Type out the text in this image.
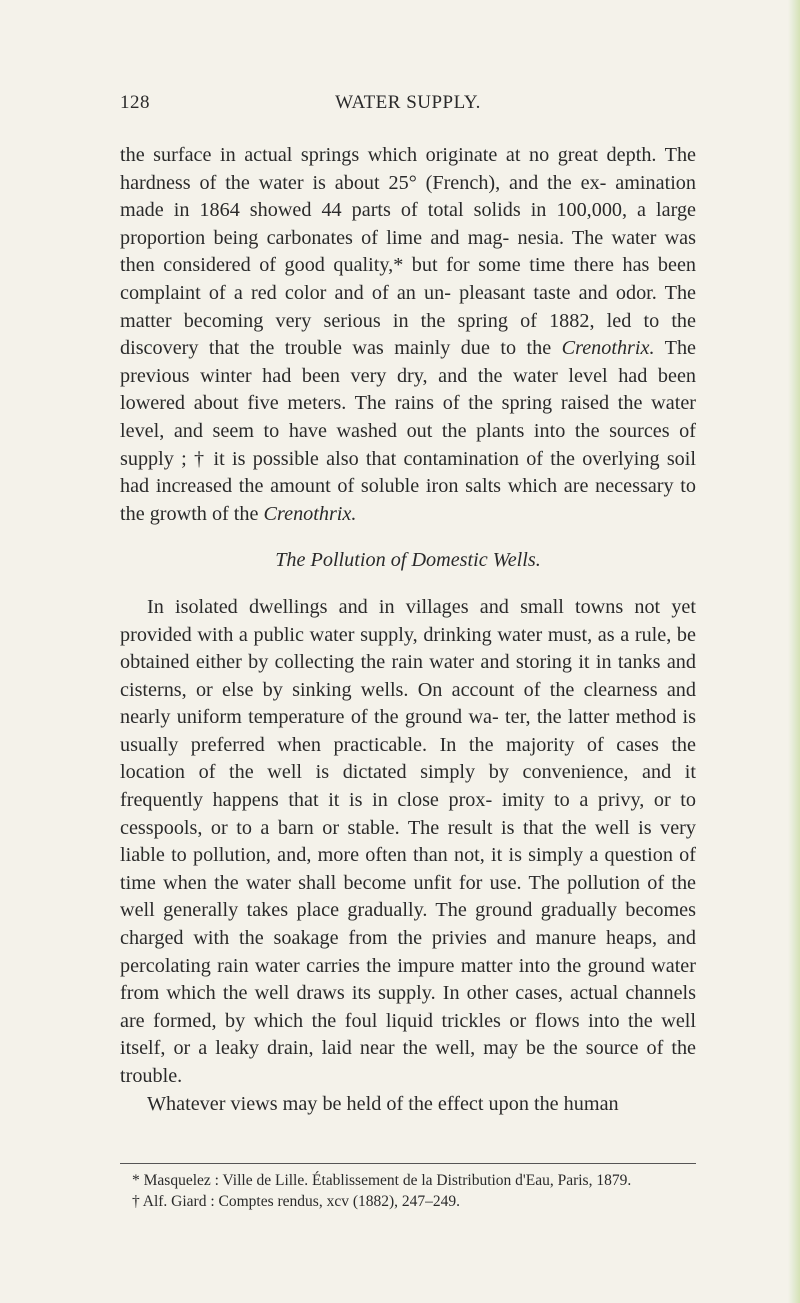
128	WATER SUPPLY.

the surface in actual springs which originate at no great depth. The hardness of the water is about 25° (French), and the ex- amination made in 1864 showed 44 parts of total solids in 100,000, a large proportion being carbonates of lime and mag- nesia. The water was then considered of good quality,* but for some time there has been complaint of a red color and of an un- pleasant taste and odor. The matter becoming very serious in the spring of 1882, led to the discovery that the trouble was mainly due to the Crenothrix. The previous winter had been very dry, and the water level had been lowered about five meters. The rains of the spring raised the water level, and seem to have washed out the plants into the sources of supply ; † it is possible also that contamination of the overlying soil had increased the amount of soluble iron salts which are necessary to the growth of the Crenothrix.

The Pollution of Domestic Wells.

In isolated dwellings and in villages and small towns not yet provided with a public water supply, drinking water must, as a rule, be obtained either by collecting the rain water and storing it in tanks and cisterns, or else by sinking wells. On account of the clearness and nearly uniform temperature of the ground wa- ter, the latter method is usually preferred when practicable. In the majority of cases the location of the well is dictated simply by convenience, and it frequently happens that it is in close prox- imity to a privy, or to cesspools, or to a barn or stable. The result is that the well is very liable to pollution, and, more often than not, it is simply a question of time when the water shall become unfit for use. The pollution of the well generally takes place gradually. The ground gradually becomes charged with the soakage from the privies and manure heaps, and percolating rain water carries the impure matter into the ground water from which the well draws its supply. In other cases, actual channels are formed, by which the foul liquid trickles or flows into the well itself, or a leaky drain, laid near the well, may be the source of the trouble.

Whatever views may be held of the effect upon the human

* Masquelez : Ville de Lille. Établissement de la Distribution d'Eau, Paris, 1879.

† Alf. Giard : Comptes rendus, xcv (1882), 247–249.
